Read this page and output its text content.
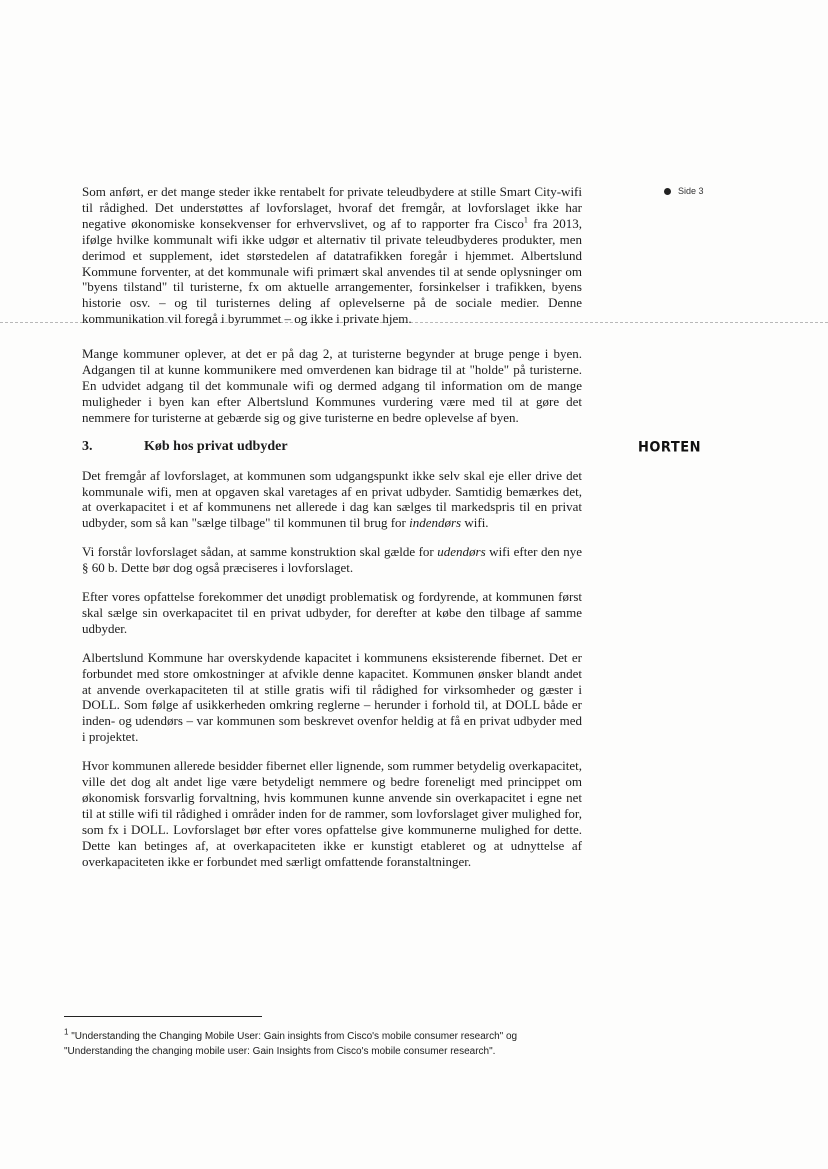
Side 3
HORTEN

Som anført, er det mange steder ikke rentabelt for private teleudbydere at stille Smart City-wifi til rådighed. Det understøttes af lovforslaget, hvoraf det fremgår, at lovforslaget ikke har negative økonomiske konsekvenser for erhvervslivet, og af to rapporter fra Cisco$^1$ fra 2013, ifølge hvilke kommunalt wifi ikke udgør et alternativ til private teleudbyderes produkter, men derimod et supplement, idet størstedelen af datatrafikken foregår i hjemmet. Albertslund Kommune forventer, at det kommunale wifi primært skal anvendes til at sende oplysninger om "byens tilstand" til turisterne, fx om aktuelle arrangementer, forsinkelser i trafikken, byens historie osv. – og til turisternes deling af oplevelserne på de sociale medier. Denne kommunikation vil foregå i byrummet – og ikke i private hjem.

Mange kommuner oplever, at det er på dag 2, at turisterne begynder at bruge penge i byen. Adgangen til at kunne kommunikere med omverdenen kan bidrage til at "holde" på turisterne. En udvidet adgang til det kommunale wifi og dermed adgang til information om de mange muligheder i byen kan efter Albertslund Kommunes vurdering være med til at gøre det nemmere for turisterne at gebærde sig og give turisterne en bedre oplevelse af byen.

3.	Køb hos privat udbyder

Det fremgår af lovforslaget, at kommunen som udgangspunkt ikke selv skal eje eller drive det kommunale wifi, men at opgaven skal varetages af en privat udbyder. Samtidig bemærkes det, at overkapacitet i et af kommunens net allerede i dag kan sælges til markedspris til en privat udbyder, som så kan "sælge tilbage" til kommunen til brug for indendørs wifi.

Vi forstår lovforslaget sådan, at samme konstruktion skal gælde for udendørs wifi efter den nye § 60 b. Dette bør dog også præciseres i lovforslaget.

Efter vores opfattelse forekommer det unødigt problematisk og fordyrende, at kommunen først skal sælge sin overkapacitet til en privat udbyder, for derefter at købe den tilbage af samme udbyder.

Albertslund Kommune har overskydende kapacitet i kommunens eksisterende fibernet. Det er forbundet med store omkostninger at afvikle denne kapacitet. Kommunen ønsker blandt andet at anvende overkapaciteten til at stille gratis wifi til rådighed for virksomheder og gæster i DOLL. Som følge af usikkerheden omkring reglerne – herunder i forhold til, at DOLL både er inden- og udendørs – var kommunen som beskrevet ovenfor heldig at få en privat udbyder med i projektet.

Hvor kommunen allerede besidder fibernet eller lignende, som rummer betydelig overkapacitet, ville det dog alt andet lige være betydeligt nemmere og bedre foreneligt med princippet om økonomisk forsvarlig forvaltning, hvis kommunen kunne anvende sin overkapacitet i egne net til at stille wifi til rådighed i områder inden for de rammer, som lovforslaget giver mulighed for, som fx i DOLL. Lovforslaget bør efter vores opfattelse give kommunerne mulighed for dette. Dette kan betinges af, at overkapaciteten ikke er kunstigt etableret og at udnyttelse af overkapaciteten ikke er forbundet med særligt omfattende foranstaltninger.

$^1$ "Understanding the Changing Mobile User: Gain insights from Cisco's mobile consumer research" og "Understanding the changing mobile user: Gain Insights from Cisco's mobile consumer research".
